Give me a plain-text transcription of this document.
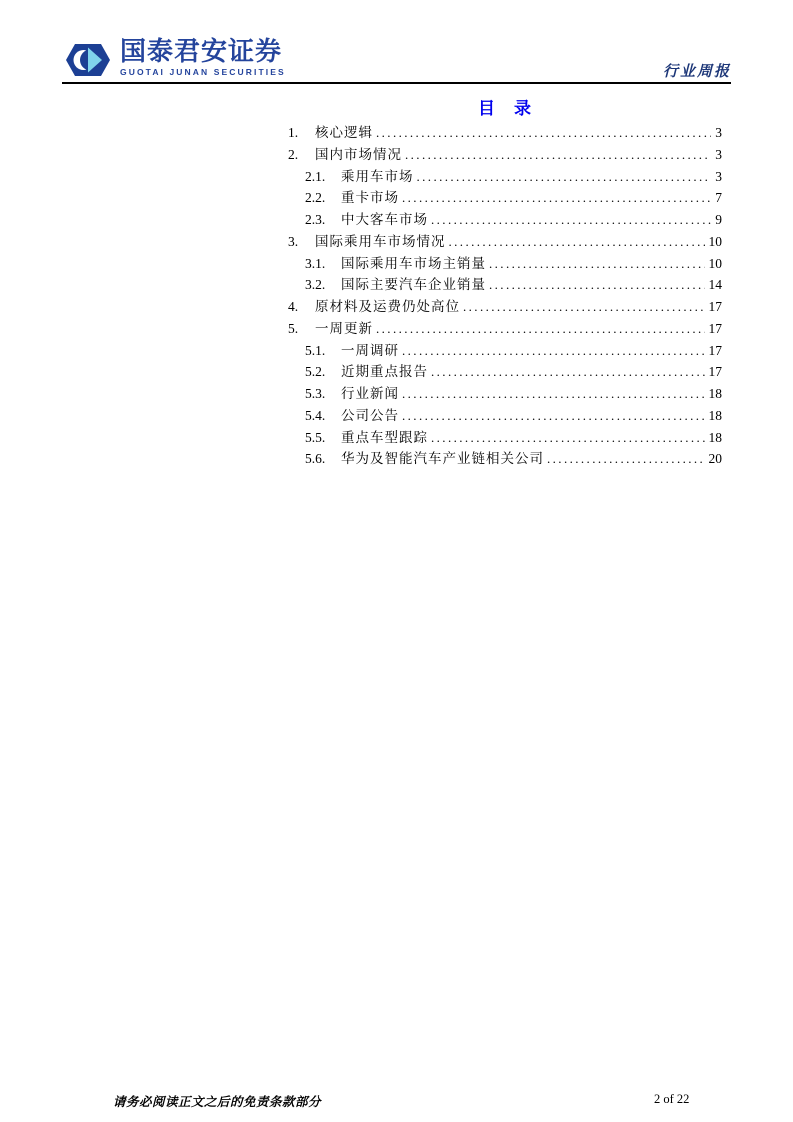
国泰君安证券
GUOTAI JUNAN SECURITIES	行业周报
目　录
1.	核心逻辑 .....	3
2.	国内市场情况 .....	3
2.1.	乘用车市场 .....	3
2.2.	重卡市场 .....	7
2.3.	中大客车市场 .....	9
3.	国际乘用车市场情况 .....	10
3.1.	国际乘用车市场主销量 .....	10
3.2.	国际主要汽车企业销量 .....	14
4.	原材料及运费仍处高位 .....	17
5.	一周更新 .....	17
5.1.	一周调研 .....	17
5.2.	近期重点报告 .....	17
5.3.	行业新闻 .....	18
5.4.	公司公告 .....	18
5.5.	重点车型跟踪 .....	18
5.6.	华为及智能汽车产业链相关公司 .....	20
请务必阅读正文之后的免责条款部分	2 of 22
